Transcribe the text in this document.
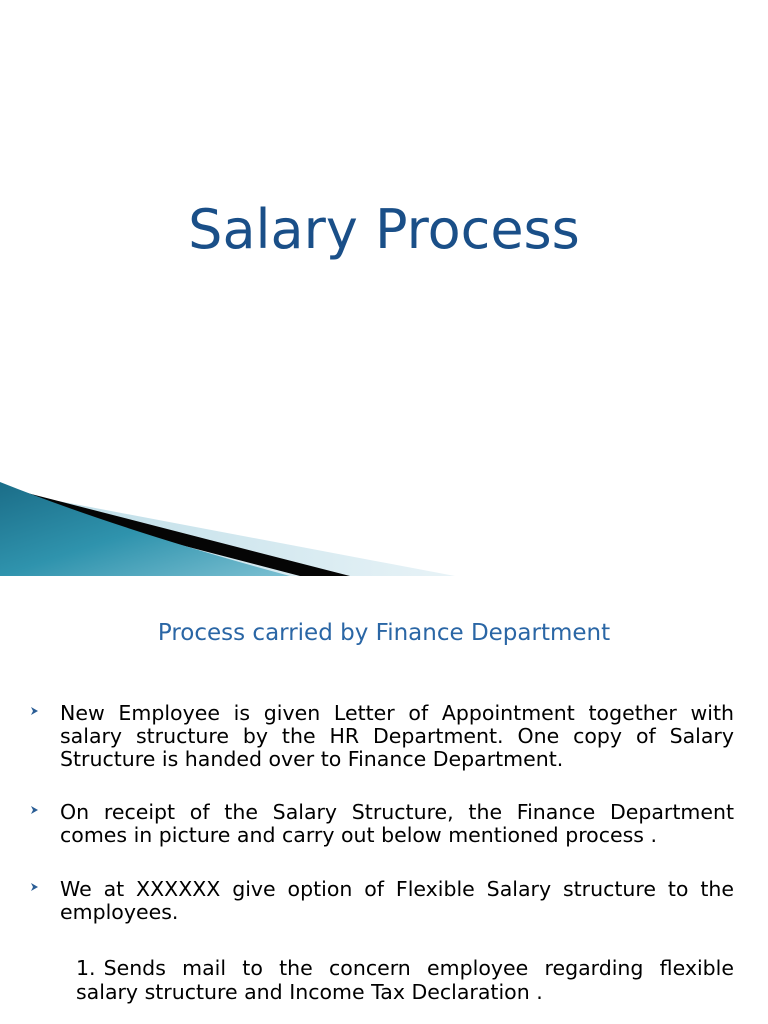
Salary Process
Process carried by Finance Department
New Employee is given Letter of Appointment together with salary structure by the HR Department. One copy of Salary Structure is handed over to Finance Department.
On receipt of the Salary Structure, the Finance Department comes in picture and carry out below mentioned process .
We at XXXXXX give option of Flexible Salary structure to the employees.
1. Sends mail to the concern employee regarding flexible salary structure and Income Tax Declaration .
